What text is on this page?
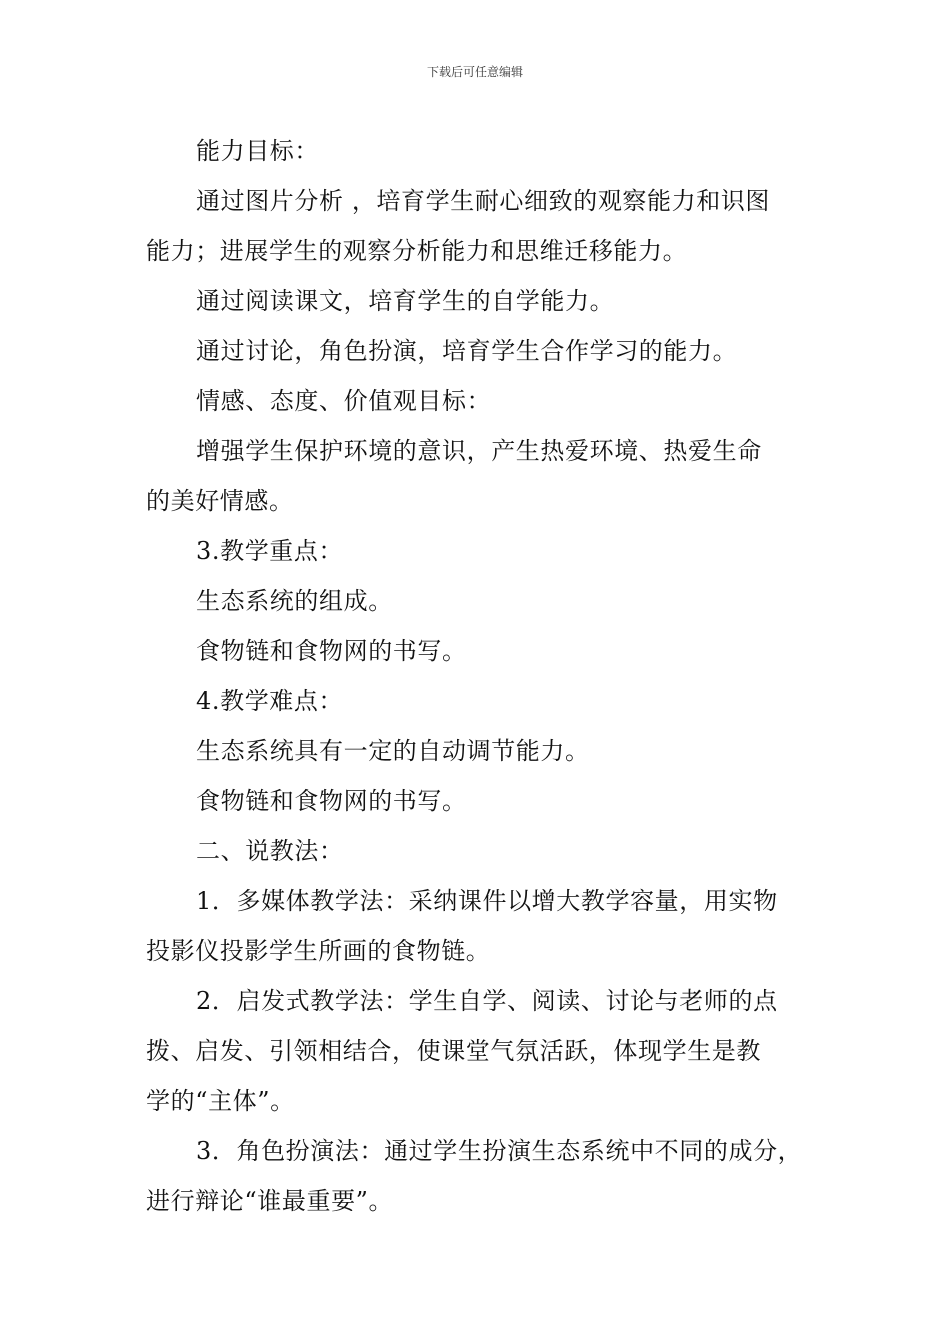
下载后可任意编辑

能力目标：

通过图片分析 ，培育学生耐心细致的观察能力和识图

能力；进展学生的观察分析能力和思维迁移能力。

通过阅读课文，培育学生的自学能力。

通过讨论，角色扮演，培育学生合作学习的能力。

情感、态度、价值观目标：

增强学生保护环境的意识，产生热爱环境、热爱生命

的美好情感。

3.教学重点：

生态系统的组成。

食物链和食物网的书写。

4.教学难点：

生态系统具有一定的自动调节能力。

食物链和食物网的书写。

二、说教法：

1．多媒体教学法：采纳课件以增大教学容量，用实物

投影仪投影学生所画的食物链。

2．启发式教学法：学生自学、阅读、讨论与老师的点

拨、启发、引领相结合，使课堂气氛活跃，体现学生是教

学的“主体”。

3．角色扮演法：通过学生扮演生态系统中不同的成分，

进行辩论“谁最重要”。
